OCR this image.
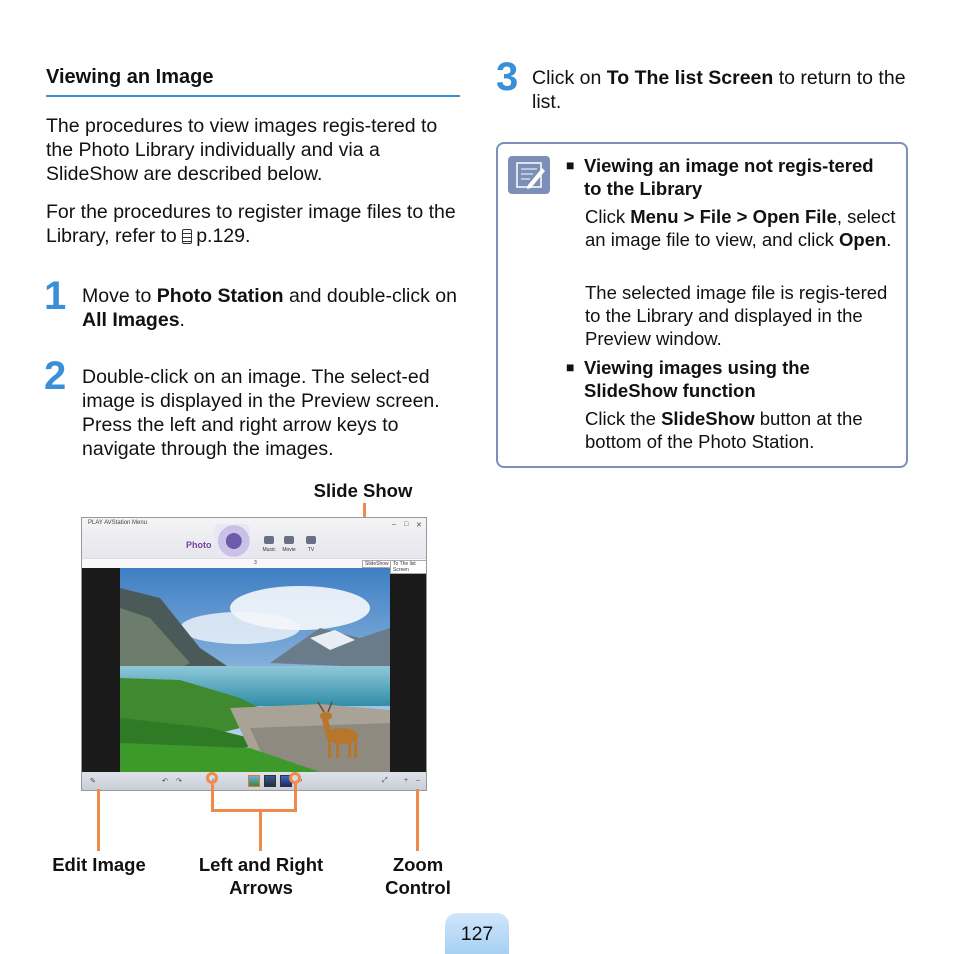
Viewing an Image
The procedures to view images regis-tered to the Photo Library individually and via a SlideShow are described below.
For the procedures to register image files to the Library, refer to p.129.
1 Move to Photo Station and double-click on All Images.
2 Double-click on an image. The select-ed image is displayed in the Preview screen. Press the left and right arrow keys to navigate through the images.
Slide Show
PLAY AVStation Menu	– □ ✕
Photo	Music	Movie	TV
3	SlideShow To The list Screen
✎	↶ ↷	‹	›	⤢ + –
Edit Image	Left and Right Arrows
Zoom Control
3 Click on To The list Screen to return to the list.
■ Viewing an image not regis-tered to the Library
Click Menu > File > Open File, select an image file to view, and click Open.
The selected image file is regis-tered to the Library and displayed in the Preview window.
■ Viewing images using the SlideShow function
Click the SlideShow button at the bottom of the Photo Station.
127
